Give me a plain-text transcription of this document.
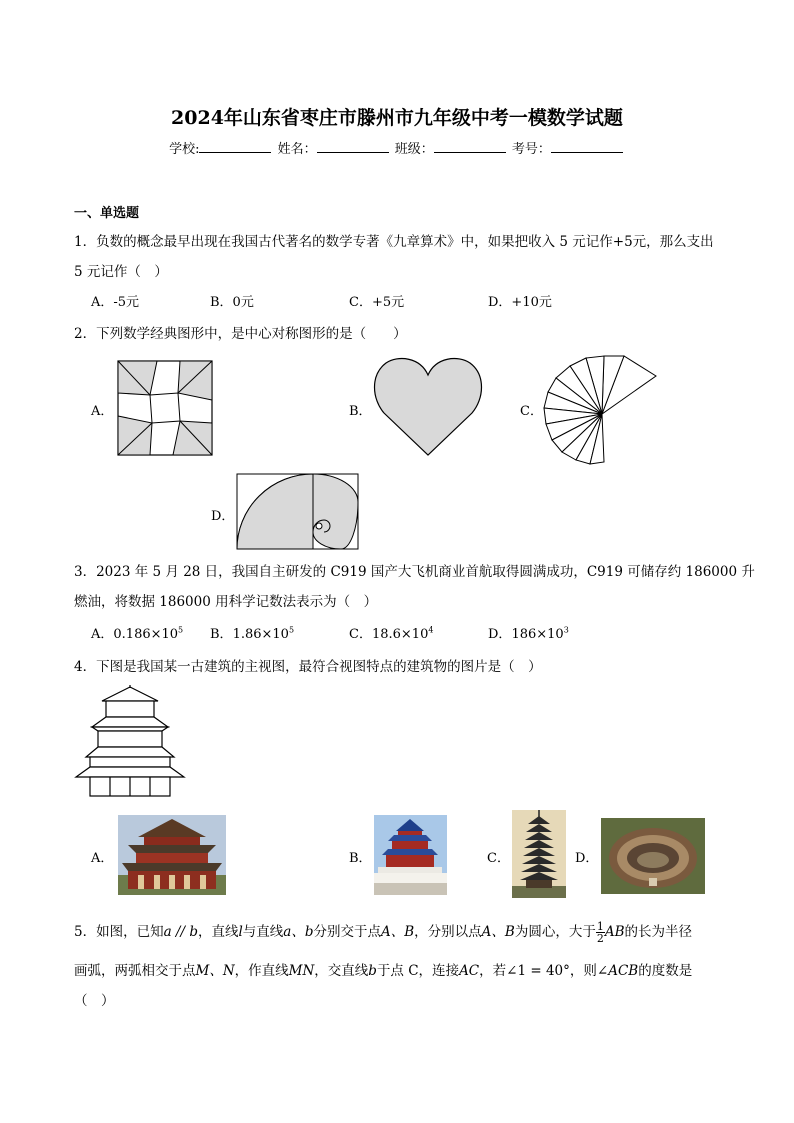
2024年山东省枣庄市滕州市九年级中考一模数学试题
学校:	姓名：	班级：	考号：
一、单选题
1．负数的概念最早出现在我国古代著名的数学专著《九章算术》中，如果把收入 5 元记作+5元，那么支出
5 元记作（　）
A．-5元	B．0元	C．+5元	D．+10元
2．下列数学经典图形中，是中心对称图形的是（　　）
A．	B．	C．
D．
3．2023 年 5 月 28 日，我国自主研发的 C919 国产大飞机商业首航取得圆满成功，C919 可储存约 186000 升
燃油，将数据 186000 用科学记数法表示为（　）
A．$0.186\times 10^5$ B．$1.86\times 10^5$	C．$18.6\times 10^4$	D．$186\times 10^3$
4．下图是我国某一古建筑的主视图，最符合视图特点的建筑物的图片是（　）
A．	B．	C．	D．
5．如图，已知a // b，直线l与直线a、b分别交于点A、B，分别以点A、B为圆心，大于 $\frac{1}{2}$ AB的长为半径
画弧，两弧相交于点M、N，作直线MN，交直线b于点 C，连接AC，若∠1 = 40°，则∠ACB的度数是
（　）
